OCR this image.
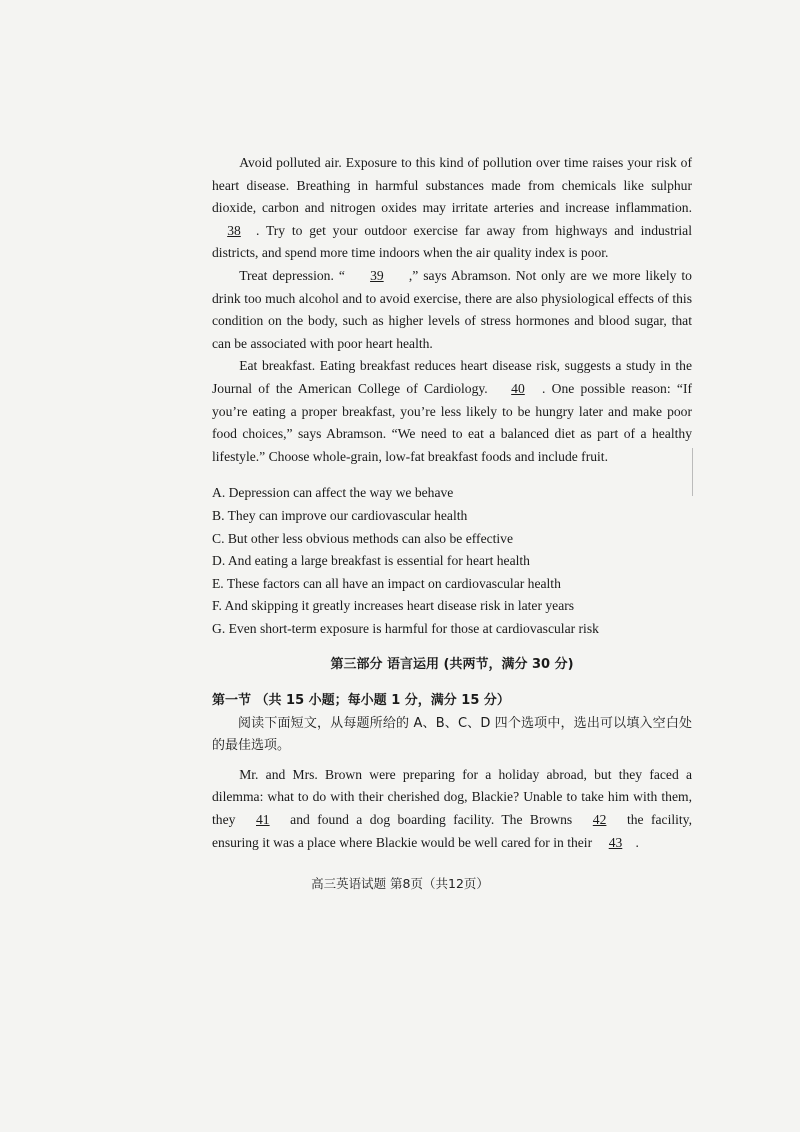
Avoid polluted air. Exposure to this kind of pollution over time raises your risk of heart disease. Breathing in harmful substances made from chemicals like sulphur dioxide, carbon and nitrogen oxides may irritate arteries and increase inflammation. 38 . Try to get your outdoor exercise far away from highways and industrial districts, and spend more time indoors when the air quality index is poor.

Treat depression. “ 39 ,” says Abramson. Not only are we more likely to drink too much alcohol and to avoid exercise, there are also physiological effects of this condition on the body, such as higher levels of stress hormones and blood sugar, that can be associated with poor heart health.

Eat breakfast. Eating breakfast reduces heart disease risk, suggests a study in the Journal of the American College of Cardiology. 40 . One possible reason: “If you’re eating a proper breakfast, you’re less likely to be hungry later and make poor food choices,” says Abramson. “We need to eat a balanced diet as part of a healthy lifestyle.” Choose whole-grain, low-fat breakfast foods and include fruit.

A. Depression can affect the way we behave

B. They can improve our cardiovascular health

C. But other less obvious methods can also be effective

D. And eating a large breakfast is essential for heart health

E. These factors can all have an impact on cardiovascular health

F. And skipping it greatly increases heart disease risk in later years

G. Even short-term exposure is harmful for those at cardiovascular risk

第三部分 语言运用 (共两节，满分 30 分)

第一节 （共 15 小题；每小题 1 分，满分 15 分）

阅读下面短文，从每题所给的 A、B、C、D 四个选项中，选出可以填入空白处的最佳选项。

Mr. and Mrs. Brown were preparing for a holiday abroad, but they faced a dilemma: what to do with their cherished dog, Blackie? Unable to take him with them, they 41 and found a dog boarding facility. The Browns 42 the facility, ensuring it was a place where Blackie would be well cared for in their 43 .

高三英语试题 第8页（共12页）
